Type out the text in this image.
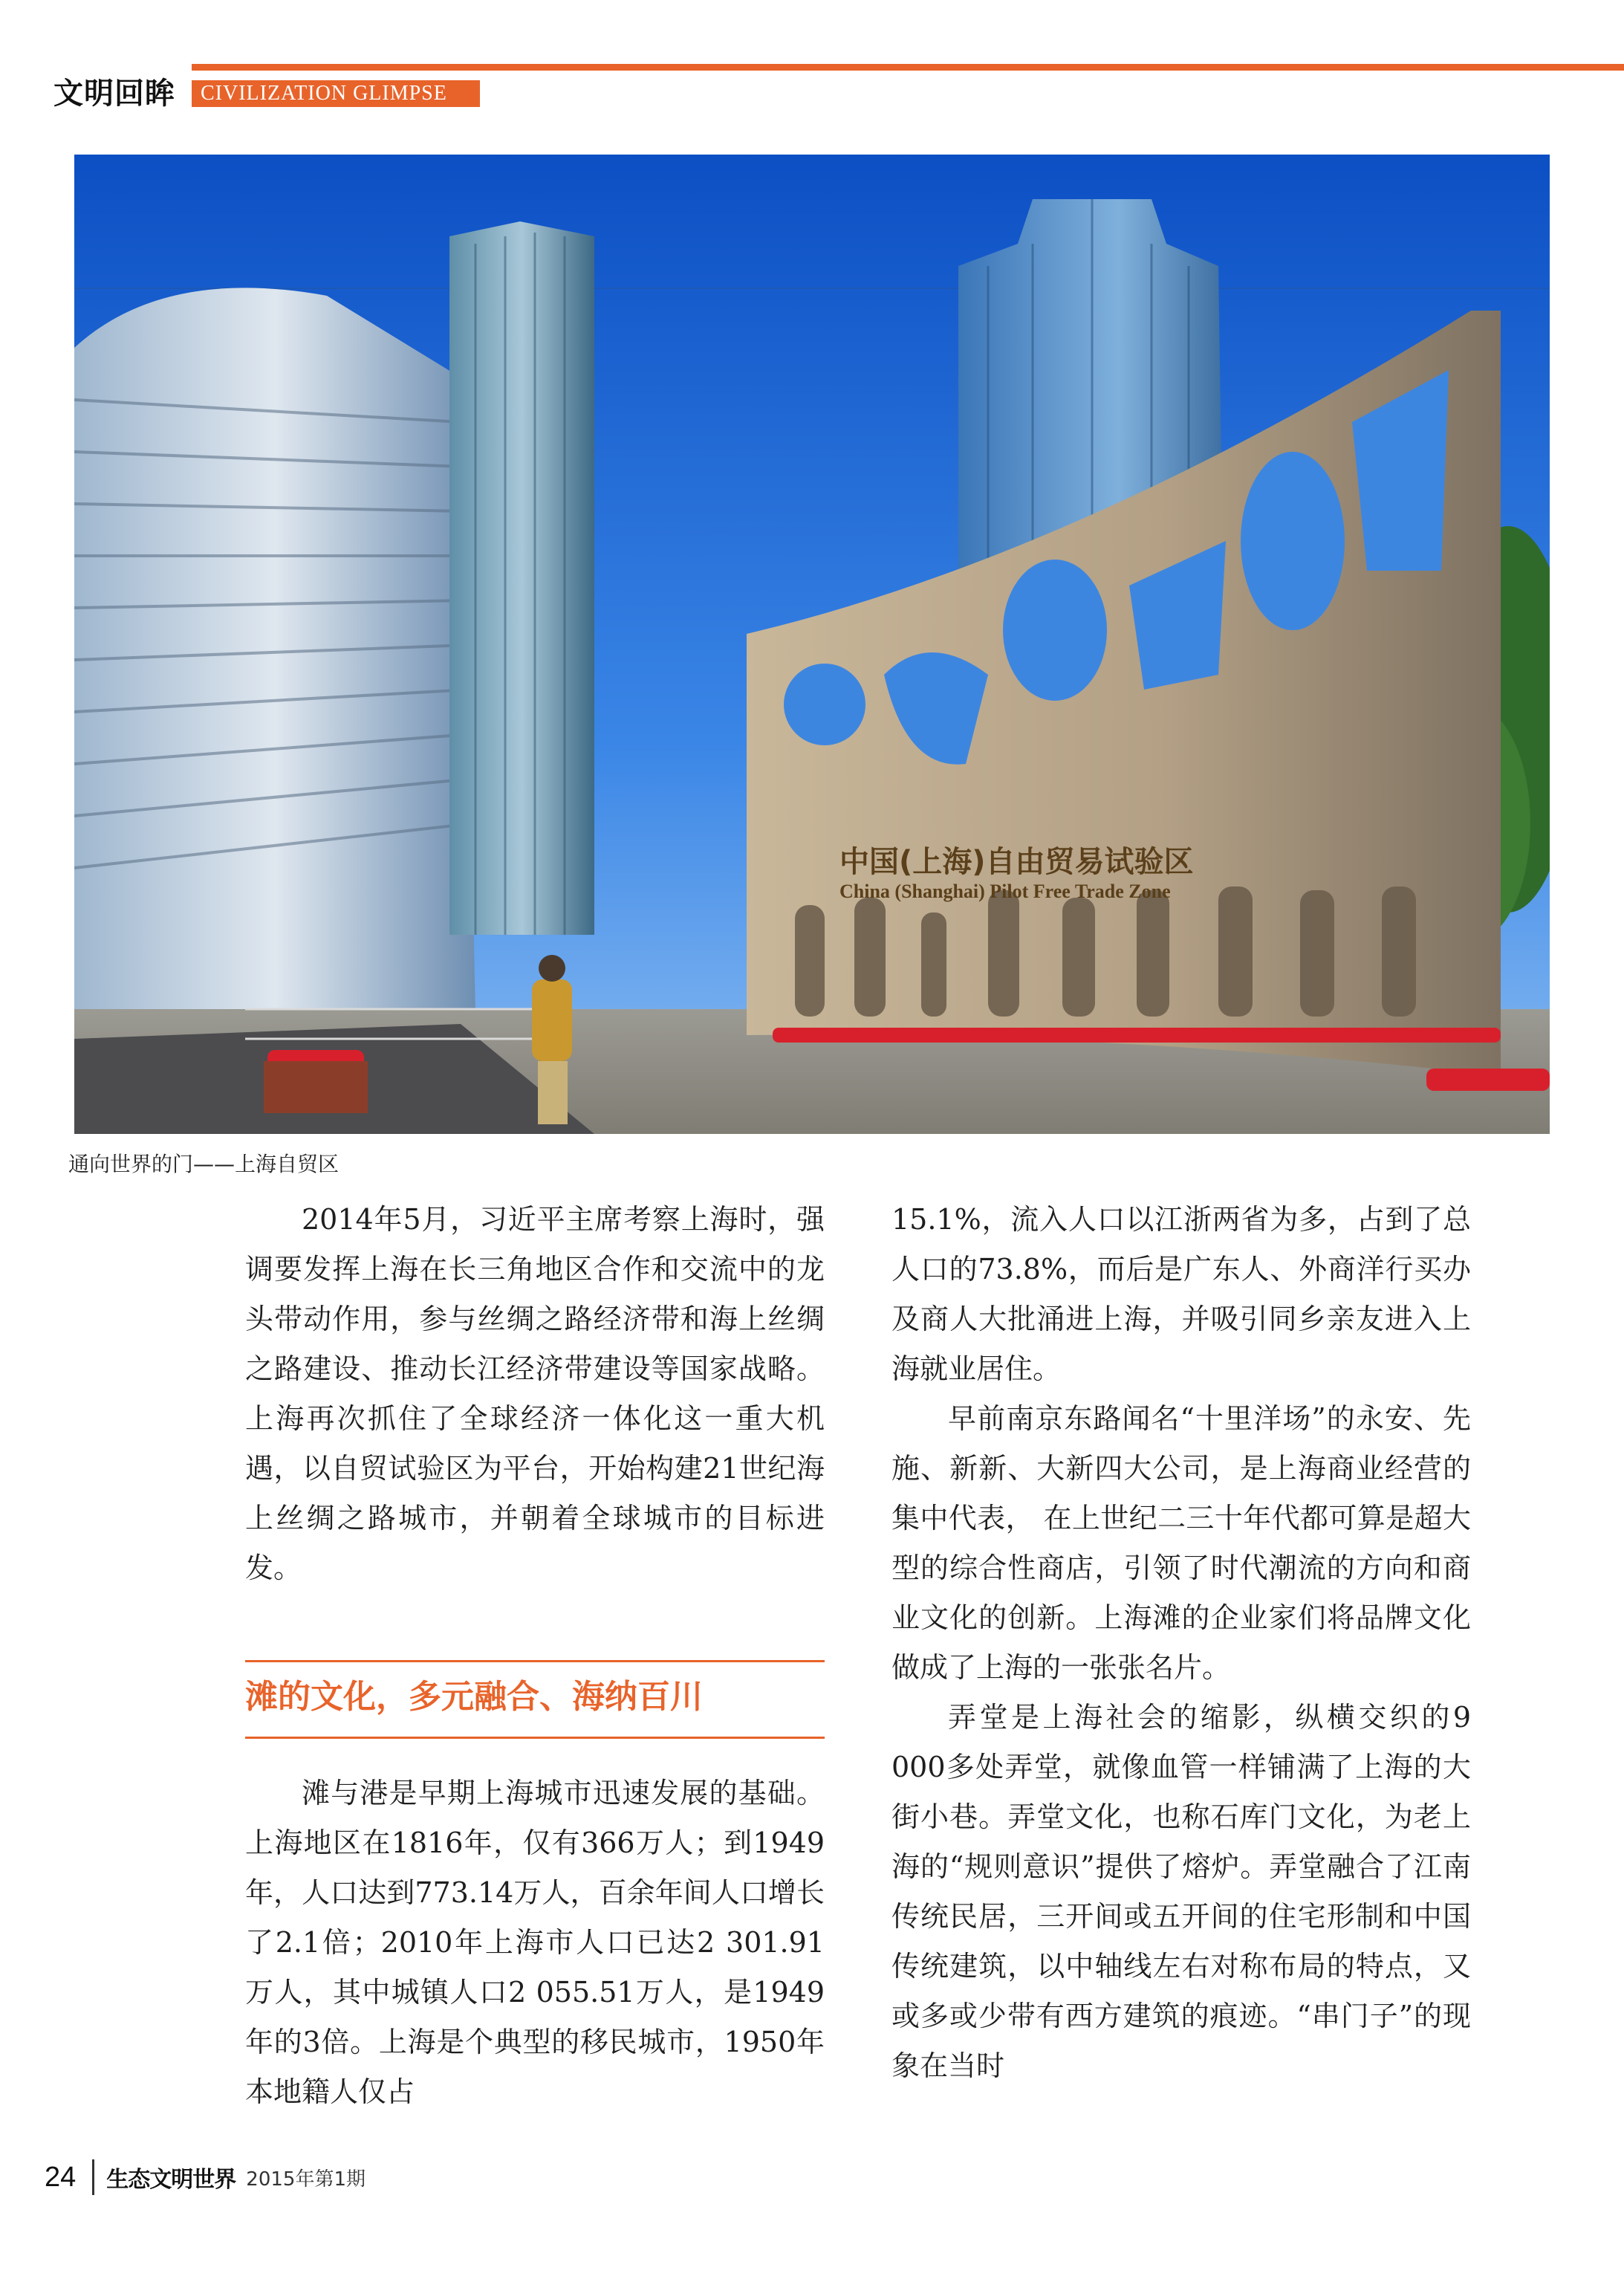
文明回眸	CIVILIZATION GLIMPSE
中国(上海)自由贸易试验区
China (Shanghai) Pilot Free Trade Zone
通向世界的门——上海自贸区

2014年5月，习近平主席考察上海时，强调要发挥上海在长三角地区合作和交流中的龙头带动作用，参与丝绸之路经济带和海上丝绸之路建设、推动长江经济带建设等国家战略。上海再次抓住了全球经济一体化这一重大机遇，以自贸试验区为平台，开始构建21世纪海上丝绸之路城市，并朝着全球城市的目标进发。

滩的文化，多元融合、海纳百川

滩与港是早期上海城市迅速发展的基础。上海地区在1816年，仅有366万人；到1949年，人口达到773.14万人，百余年间人口增长了2.1倍；2010年上海市人口已达2 301.91万人，其中城镇人口2 055.51万人，是1949年的3倍。上海是个典型的移民城市，1950年本地籍人仅占

15.1%，流入人口以江浙两省为多，占到了总人口的73.8%，而后是广东人、外商洋行买办及商人大批涌进上海，并吸引同乡亲友进入上海就业居住。

早前南京东路闻名“十里洋场”的永安、先施、新新、大新四大公司，是上海商业经营的集中代表， 在上世纪二三十年代都可算是超大型的综合性商店，引领了时代潮流的方向和商业文化的创新。上海滩的企业家们将品牌文化做成了上海的一张张名片。

弄堂是上海社会的缩影，纵横交织的9 000多处弄堂，就像血管一样铺满了上海的大街小巷。弄堂文化，也称石库门文化，为老上海的“规则意识”提供了熔炉。弄堂融合了江南传统民居，三开间或五开间的住宅形制和中国传统建筑，以中轴线左右对称布局的特点，又或多或少带有西方建筑的痕迹。“串门子”的现象在当时

24 生态文明世界 2015年第1期
